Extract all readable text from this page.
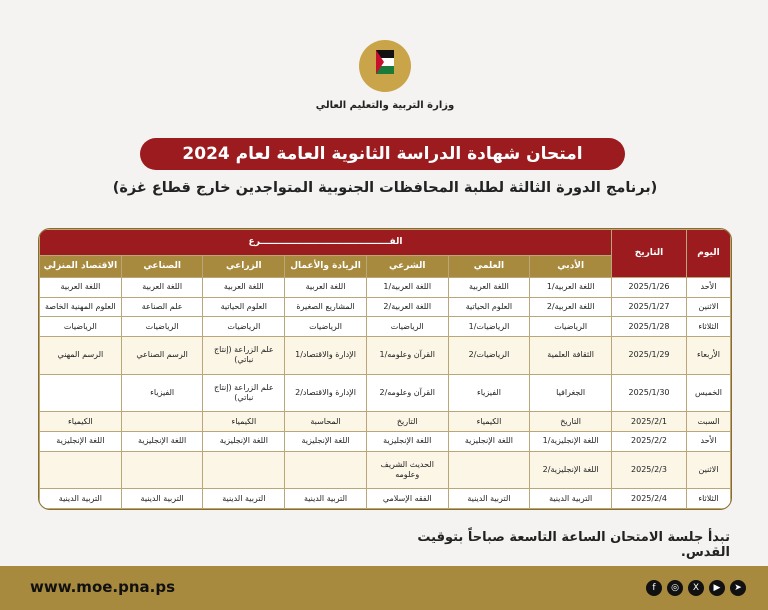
وزارة التربية والتعليم العالي
امتحان شهادة الدراسة الثانوية العامة لعام 2024
(برنامج الدورة الثالثة لطلبة المحافظات الجنوبية المتواجدين خارج قطاع غزة)
اليوم	التاريخ	الفــــــــــــــــــــــــــــــــــــــــــرع						
		الأدبي	العلمي	الشرعي	الريادة والأعمال	الزراعي	الصناعي	الاقتصاد المنزلي
الأحد	2025/1/26	اللغة العربية/1	اللغة العربية	اللغة العربية/1	اللغة العربية	اللغة العربية	اللغة العربية	اللغة العربية
الاثنين	2025/1/27	اللغة العربية/2	العلوم الحياتية	اللغة العربية/2	المشاريع الصغيرة	العلوم الحياتية	علم الصناعة	العلوم المهنية الخاصة
الثلاثاء	2025/1/28	الرياضيات	الرياضيات/1	الرياضيات	الرياضيات	الرياضيات	الرياضيات	الرياضيات
الأربعاء	2025/1/29	الثقافة العلمية	الرياضيات/2	القرآن وعلومه/1	الإدارة والاقتصاد/1	علم الزراعة (إنتاج نباتي)	الرسم الصناعي	الرسم المهني
الخميس	2025/1/30	الجغرافيا	الفيزياء	القرآن وعلومه/2	الإدارة والاقتصاد/2	علم الزراعة (إنتاج نباتي)	الفيزياء	
السبت	2025/2/1	التاريخ	الكيمياء	التاريخ	المحاسبة	الكيمياء		الكيمياء
الأحد	2025/2/2	اللغة الإنجليزية/1	اللغة الإنجليزية	اللغة الإنجليزية	اللغة الإنجليزية	اللغة الإنجليزية	اللغة الإنجليزية	اللغة الإنجليزية
الاثنين	2025/2/3	اللغة الإنجليزية/2		الحديث الشريف وعلومه				
الثلاثاء	2025/2/4	التربية الدينية	التربية الدينية	الفقه الإسلامي	التربية الدينية	التربية الدينية	التربية الدينية	التربية الدينية
تبدأ جلسة الامتحان الساعة التاسعة صباحاً بتوقيت القدس.
www.moe.pna.ps	➤
▶
X
◎
f
